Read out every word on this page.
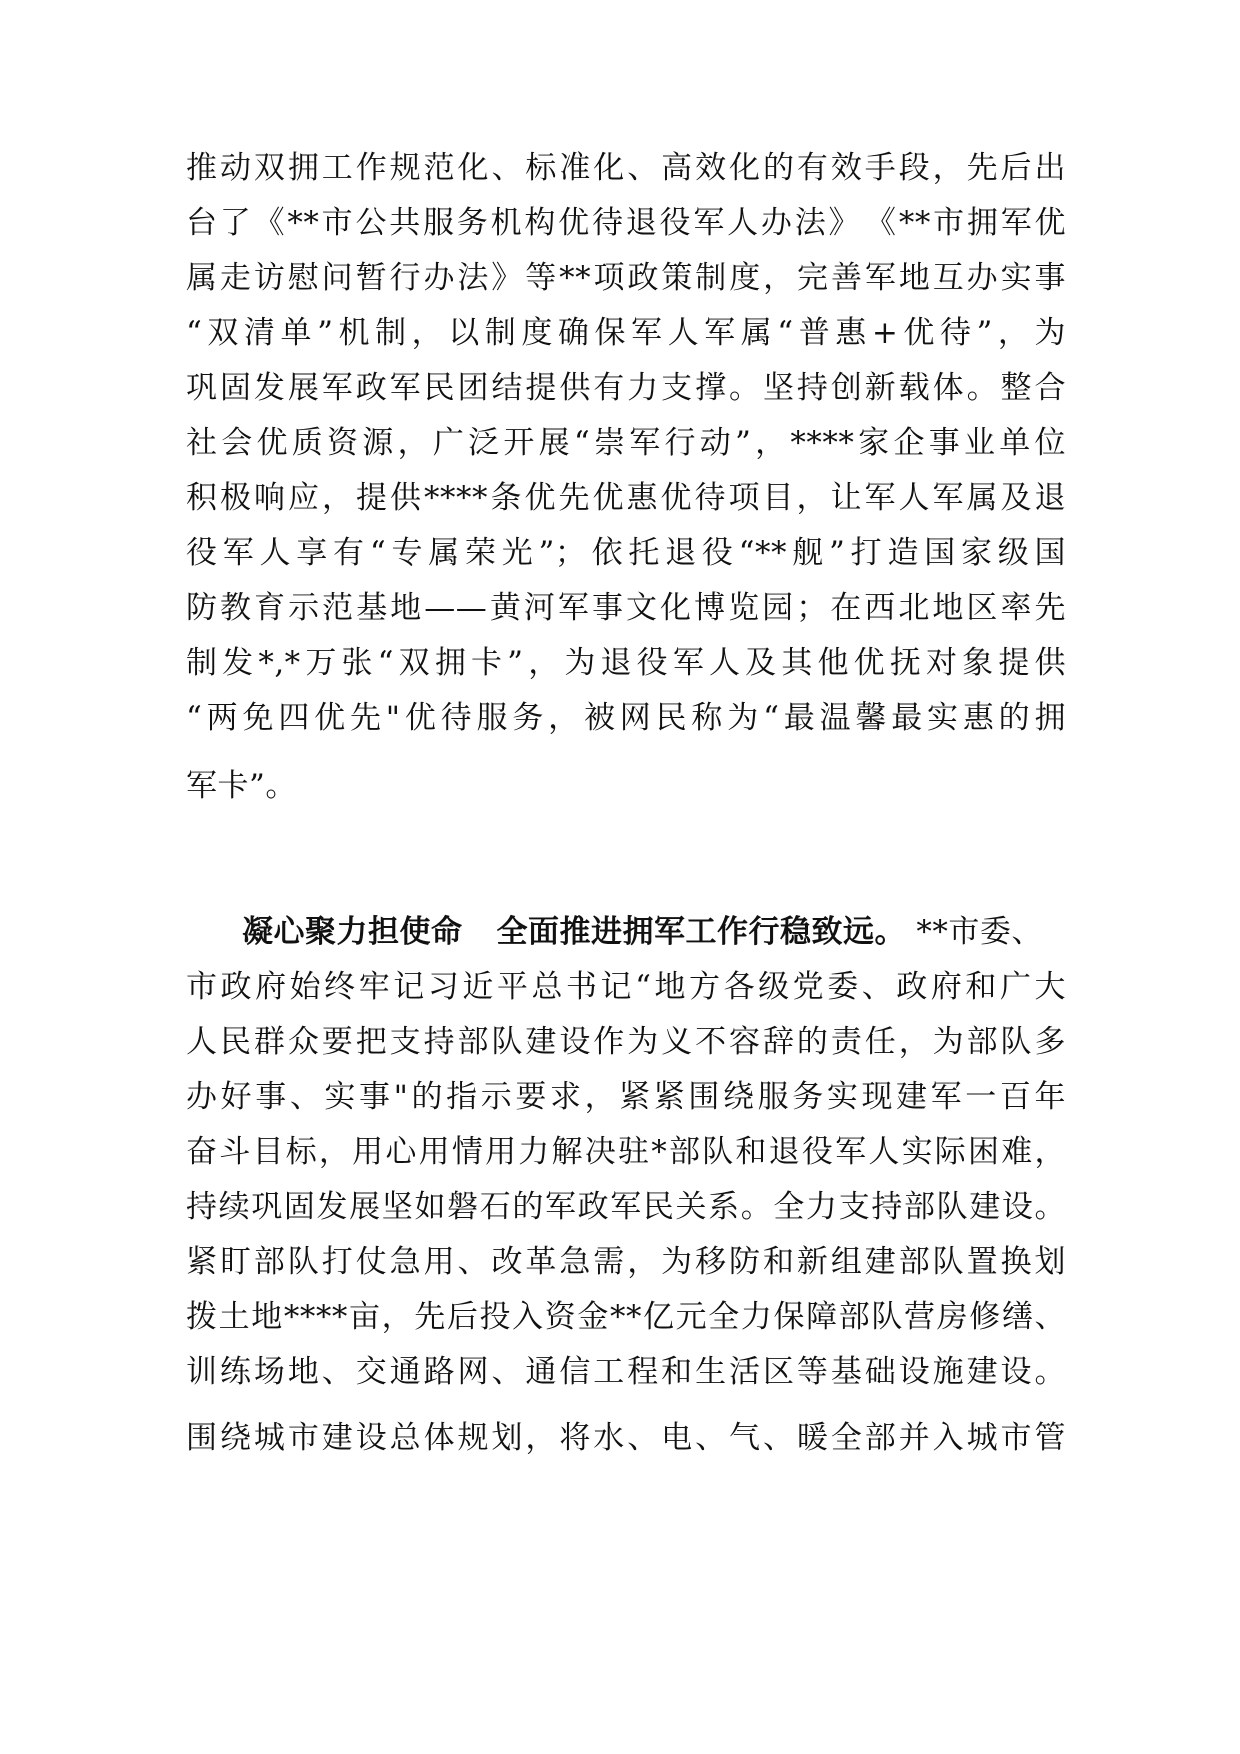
推动双拥工作规范化、标准化、高效化的有效手段，先后出
台了《**市公共服务机构优待退役军人办法》　《**市拥军优
属走访慰问暂行办法》等**项政策制度，完善军地互办实事
“双清单”机制，以制度确保军人军属“普惠+优待”，为
巩固发展军政军民团结提供有力支撑。坚持创新载体。整合
社会优质资源，广泛开展“崇军行动”，****家企事业单位
积极响应，提供****条优先优惠优待项目，让军人军属及退
役军人享有“专属荣光”；依托退役“**舰”打造国家级国
防教育示范基地——黄河军事文化博览园；在西北地区率先
制发*,*万张“双拥卡”，为退役军人及其他优抚对象提供
“两免四优先"优待服务，被网民称为“最温馨最实惠的拥
军卡”。
凝心聚力担使命 全面推进拥军工作行稳致远。 **市委、
市政府始终牢记习近平总书记“地方各级党委、政府和广大
人民群众要把支持部队建设作为义不容辞的责任，为部队多
办好事、实事"的指示要求，紧紧围绕服务实现建军一百年
奋斗目标，用心用情用力解决驻*部队和退役军人实际困难，
持续巩固发展坚如磐石的军政军民关系。全力支持部队建设。
紧盯部队打仗急用、改革急需，为移防和新组建部队置换划
拨土地****亩，先后投入资金**亿元全力保障部队营房修缮、
训练场地、交通路网、通信工程和生活区等基础设施建设。
围绕城市建设总体规划，将水、电、气、暖全部并入城市管
